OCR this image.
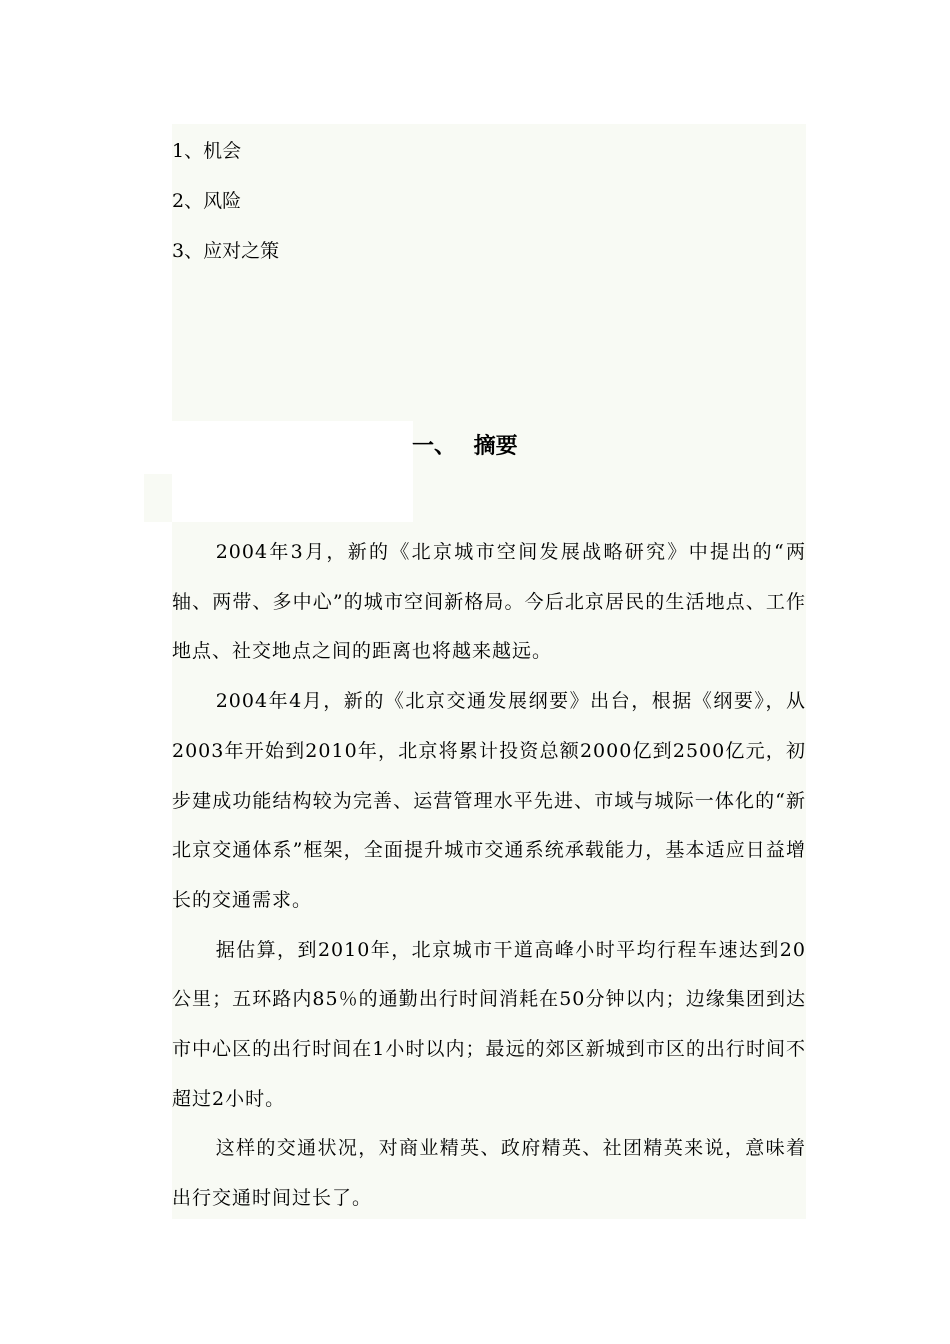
1、机会
2、风险
3、应对之策
一、 摘要

2004年3月，新的《北京城市空间发展战略研究》中提出的“两轴、两带、多中心”的城市空间新格局。今后北京居民的生活地点、工作地点、社交地点之间的距离也将越来越远。

2004年4月，新的《北京交通发展纲要》出台，根据《纲要》，从2003年开始到2010年，北京将累计投资总额2000亿到2500亿元，初步建成功能结构较为完善、运营管理水平先进、市域与城际一体化的“新北京交通体系”框架，全面提升城市交通系统承载能力，基本适应日益增长的交通需求。

据估算，到2010年，北京城市干道高峰小时平均行程车速达到20公里；五环路内85％的通勤出行时间消耗在50分钟以内；边缘集团到达市中心区的出行时间在1小时以内；最远的郊区新城到市区的出行时间不超过2小时。

这样的交通状况，对商业精英、政府精英、社团精英来说，意味着出行交通时间过长了。
